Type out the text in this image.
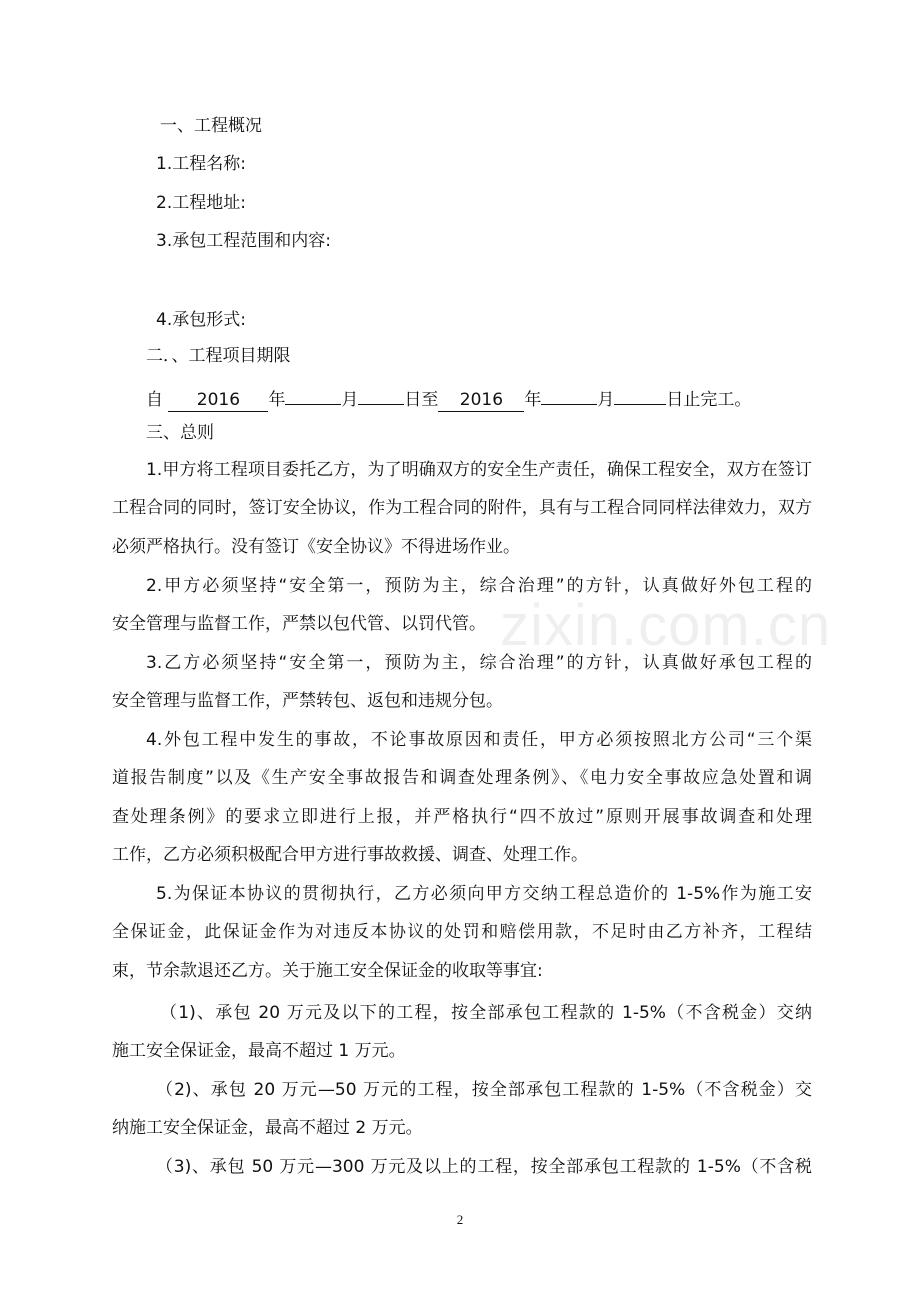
zixin.com.cn
一、工程概况
1.工程名称:
2.工程地址:
3.承包工程范围和内容:
4.承包形式:
二．、工程项目期限
自 2016 年	月	日至 2016 年	月	日止完工。
三、总则
1.甲方将工程项目委托乙方，为了明确双方的安全生产责任，确保工程安全，双方在签订
工程合同的同时，签订安全协议，作为工程合同的附件，具有与工程合同同样法律效力，双方
必须严格执行。没有签订《安全协议》不得进场作业。
2.甲方必须坚持“安全第一，预防为主，综合治理”的方针，认真做好外包工程的
安全管理与监督工作，严禁以包代管、以罚代管。
3.乙方必须坚持“安全第一，预防为主，综合治理”的方针，认真做好承包工程的
安全管理与监督工作，严禁转包、返包和违规分包。
4.外包工程中发生的事故，不论事故原因和责任，甲方必须按照北方公司“三个渠
道报告制度”以及《生产安全事故报告和调查处理条例》、《电力安全事故应急处置和调
查处理条例》的要求立即进行上报，并严格执行“四不放过”原则开展事故调查和处理
工作，乙方必须积极配合甲方进行事故救援、调查、处理工作。
5.为保证本协议的贯彻执行，乙方必须向甲方交纳工程总造价的 1-5%作为施工安
全保证金，此保证金作为对违反本协议的处罚和赔偿用款，不足时由乙方补齐，工程结
束，节余款退还乙方。关于施工安全保证金的收取等事宜:
（1)、承包 20 万元及以下的工程，按全部承包工程款的 1-5%（不含税金）交纳
施工安全保证金，最高不超过 1 万元。
（2)、承包 20 万元—50 万元的工程，按全部承包工程款的 1-5%（不含税金）交
纳施工安全保证金，最高不超过 2 万元。
（3)、承包 50 万元—300 万元及以上的工程，按全部承包工程款的 1-5%（不含税
2
